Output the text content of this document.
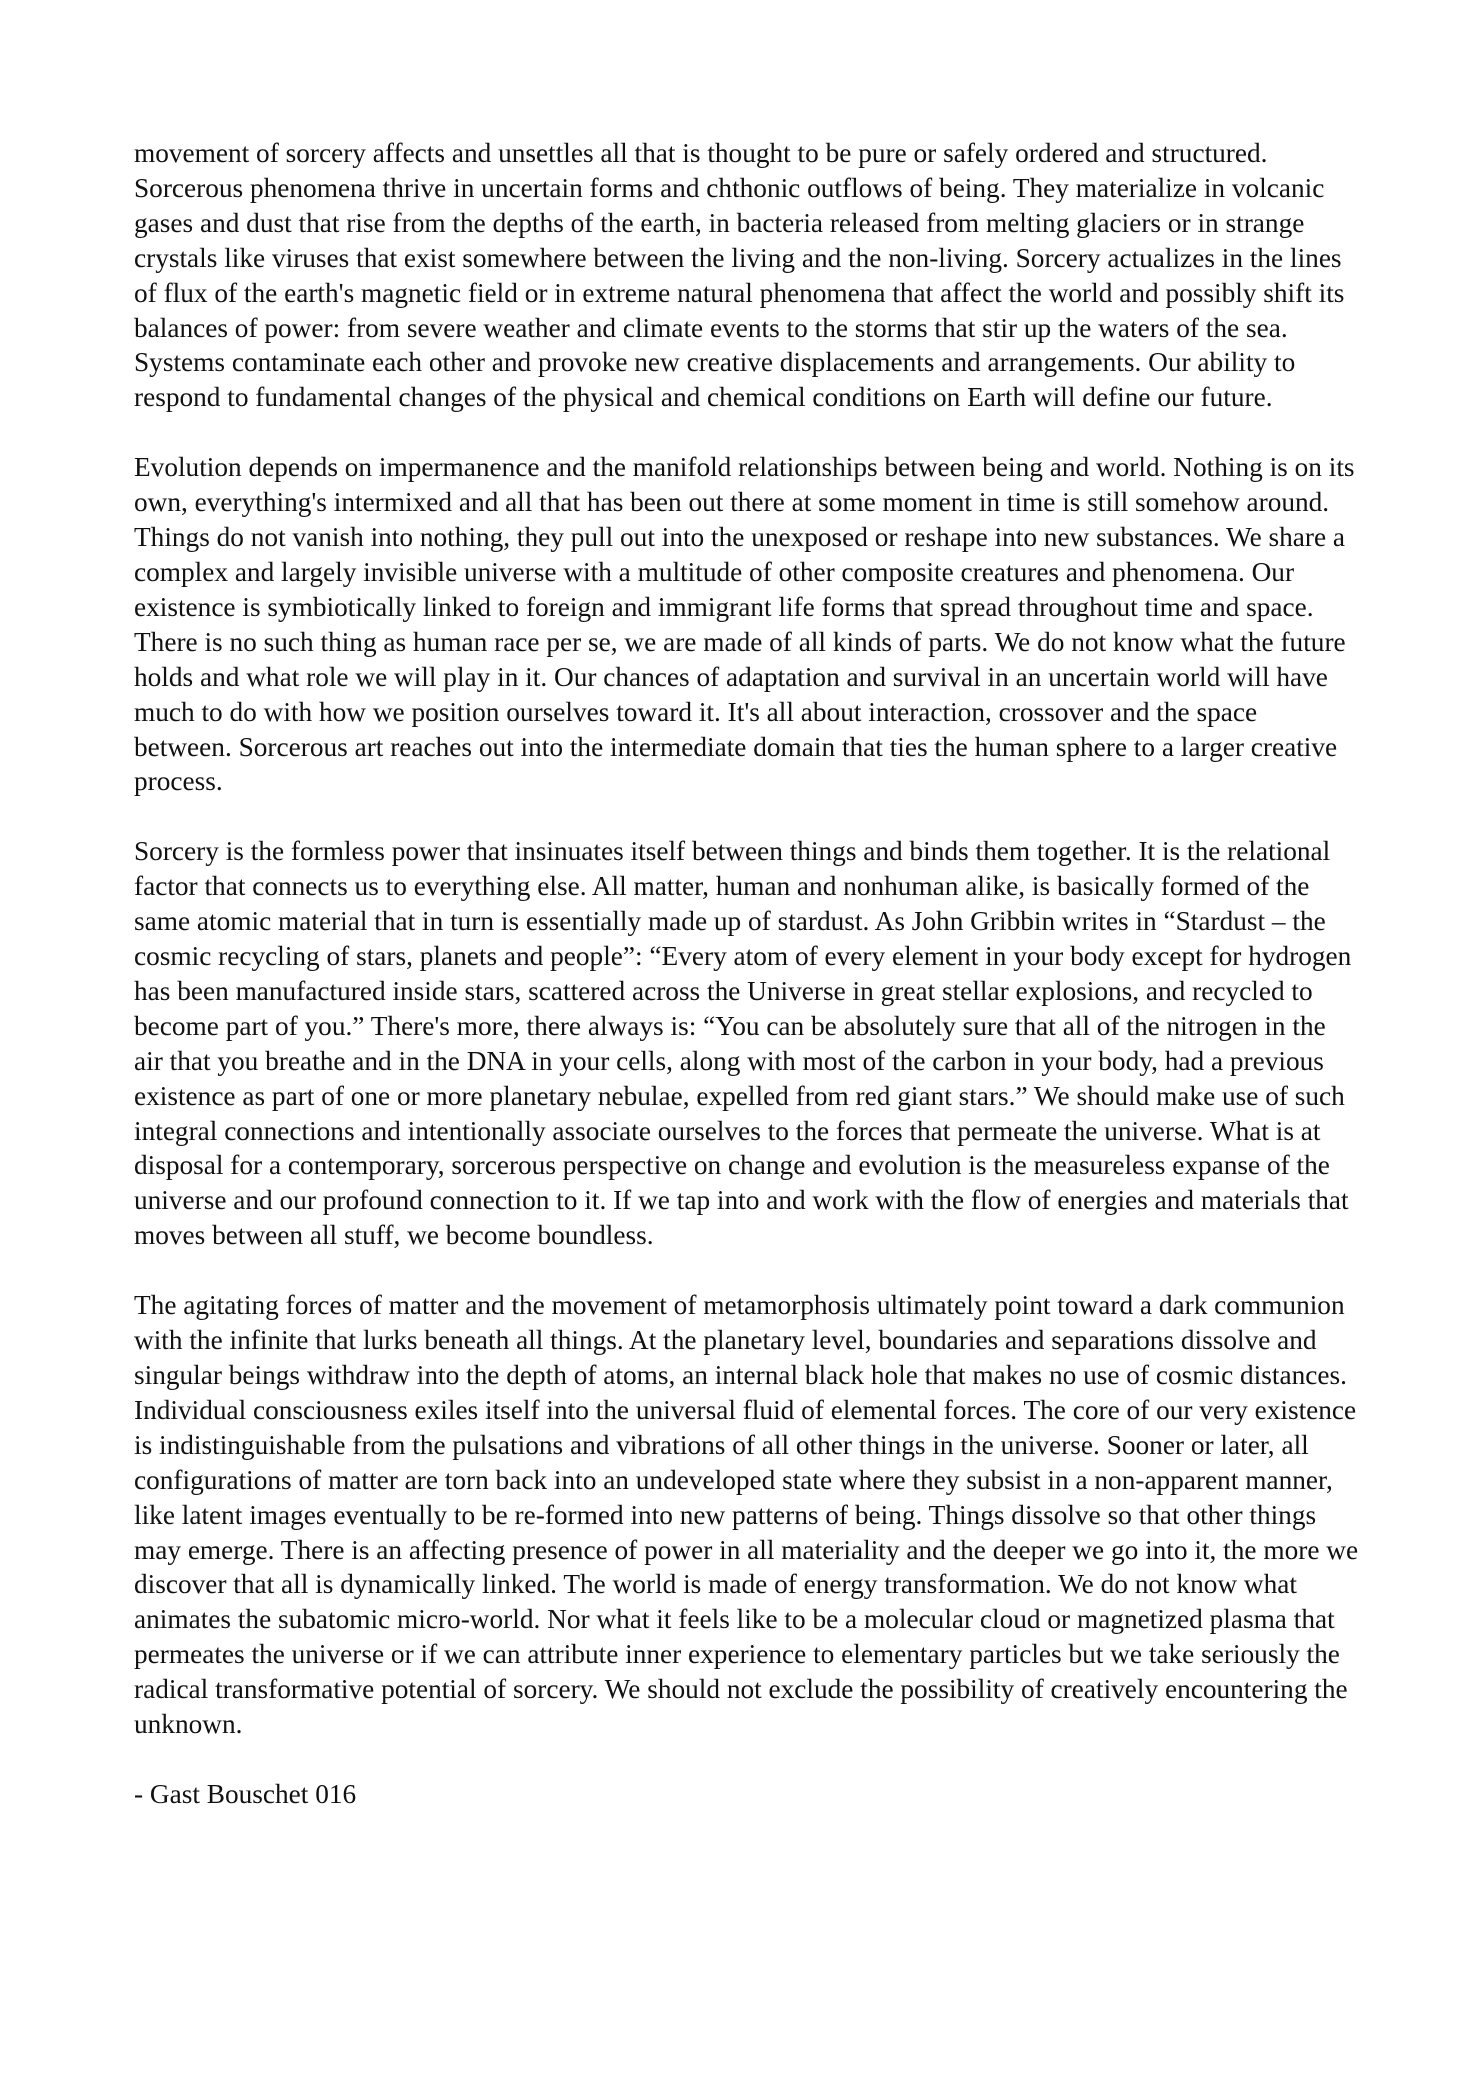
movement of sorcery affects and unsettles all that is thought to be pure or safely ordered and structured. Sorcerous phenomena thrive in uncertain forms and chthonic outflows of being. They materialize in volcanic gases and dust that rise from the depths of the earth, in bacteria released from melting glaciers or in strange crystals like viruses that exist somewhere between the living and the non-living. Sorcery actualizes in the lines of flux of the earth's magnetic field or in extreme natural phenomena that affect the world and possibly shift its balances of power: from severe weather and climate events to the storms that stir up the waters of the sea. Systems contaminate each other and provoke new creative displacements and arrangements. Our ability to respond to fundamental changes of the physical and chemical conditions on Earth will define our future.

Evolution depends on impermanence and the manifold relationships between being and world. Nothing is on its own, everything's intermixed and all that has been out there at some moment in time is still somehow around. Things do not vanish into nothing, they pull out into the unexposed or reshape into new substances. We share a complex and largely invisible universe with a multitude of other composite creatures and phenomena. Our existence is symbiotically linked to foreign and immigrant life forms that spread throughout time and space. There is no such thing as human race per se, we are made of all kinds of parts. We do not know what the future holds and what role we will play in it. Our chances of adaptation and survival in an uncertain world will have much to do with how we position ourselves toward it. It's all about interaction, crossover and the space between. Sorcerous art reaches out into the intermediate domain that ties the human sphere to a larger creative process.

Sorcery is the formless power that insinuates itself between things and binds them together. It is the relational factor that connects us to everything else. All matter, human and nonhuman alike, is basically formed of the same atomic material that in turn is essentially made up of stardust. As John Gribbin writes in “Stardust – the cosmic recycling of stars, planets and people”: “Every atom of every element in your body except for hydrogen has been manufactured inside stars, scattered across the Universe in great stellar explosions, and recycled to become part of you.” There's more, there always is: “You can be absolutely sure that all of the nitrogen in the air that you breathe and in the DNA in your cells, along with most of the carbon in your body, had a previous existence as part of one or more planetary nebulae, expelled from red giant stars.” We should make use of such integral connections and intentionally associate ourselves to the forces that permeate the universe. What is at disposal for a contemporary, sorcerous perspective on change and evolution is the measureless expanse of the universe and our profound connection to it. If we tap into and work with the flow of energies and materials that moves between all stuff, we become boundless.

The agitating forces of matter and the movement of metamorphosis ultimately point toward a dark communion with the infinite that lurks beneath all things. At the planetary level, boundaries and separations dissolve and singular beings withdraw into the depth of atoms, an internal black hole that makes no use of cosmic distances. Individual consciousness exiles itself into the universal fluid of elemental forces. The core of our very existence is indistinguishable from the pulsations and vibrations of all other things in the universe. Sooner or later, all configurations of matter are torn back into an undeveloped state where they subsist in a non-apparent manner, like latent images eventually to be re-formed into new patterns of being. Things dissolve so that other things may emerge. There is an affecting presence of power in all materiality and the deeper we go into it, the more we discover that all is dynamically linked. The world is made of energy transformation. We do not know what animates the subatomic micro-world. Nor what it feels like to be a molecular cloud or magnetized plasma that permeates the universe or if we can attribute inner experience to elementary particles but we take seriously the radical transformative potential of sorcery. We should not exclude the possibility of creatively encountering the unknown.

- Gast Bouschet 016
